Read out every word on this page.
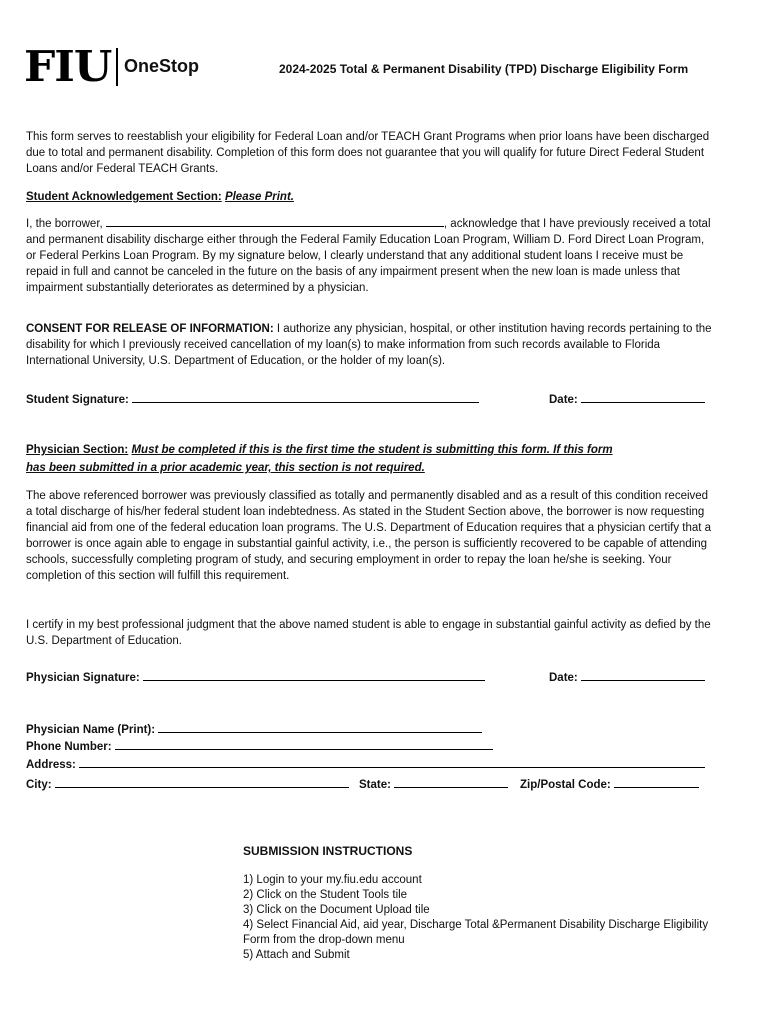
FIU OneStop	2024-2025 Total & Permanent Disability (TPD) Discharge Eligibility Form
This form serves to reestablish your eligibility for Federal Loan and/or TEACH Grant Programs when prior loans have been discharged due to total and permanent disability. Completion of this form does not guarantee that you will qualify for future Direct Federal Student Loans and/or Federal TEACH Grants.
Student Acknowledgement Section: Please Print.
I, the borrower,	, acknowledge that I have previously received a total and permanent disability discharge either through the Federal Family Education Loan Program, William D. Ford Direct Loan Program, or Federal Perkins Loan Program. By my signature below, I clearly understand that any additional student loans I receive must be repaid in full and cannot be canceled in the future on the basis of any impairment present when the new loan is made unless that impairment substantially deteriorates as determined by a physician.
CONSENT FOR RELEASE OF INFORMATION: I authorize any physician, hospital, or other institution having records pertaining to the disability for which I previously received cancellation of my loan(s) to make information from such records available to Florida International University, U.S. Department of Education, or the holder of my loan(s).
Student Signature:	Date:
Physician Section: Must be completed if this is the first time the student is submitting this form. If this form
has been submitted in a prior academic year, this section is not required.
The above referenced borrower was previously classified as totally and permanently disabled and as a result of this condition received a total discharge of his/her federal student loan indebtedness. As stated in the Student Section above, the borrower is now requesting financial aid from one of the federal education loan programs. The U.S. Department of Education requires that a physician certify that a borrower is once again able to engage in substantial gainful activity, i.e., the person is sufficiently recovered to be capable of attending schools, successfully completing program of study, and securing employment in order to repay the loan he/she is seeking. Your completion of this section will fulfill this requirement.
I certify in my best professional judgment that the above named student is able to engage in substantial gainful activity as defied by the U.S. Department of Education.
Physician Signature:	Date:
Physician Name (Print):
Phone Number:
Address:
City:	State:	Zip/Postal Code:
SUBMISSION INSTRUCTIONS
1) Login to your my.fiu.edu account
2) Click on the Student Tools tile
3) Click on the Document Upload tile
4) Select Financial Aid, aid year, Discharge Total &Permanent Disability Discharge Eligibility Form from the drop-down menu
5) Attach and Submit
